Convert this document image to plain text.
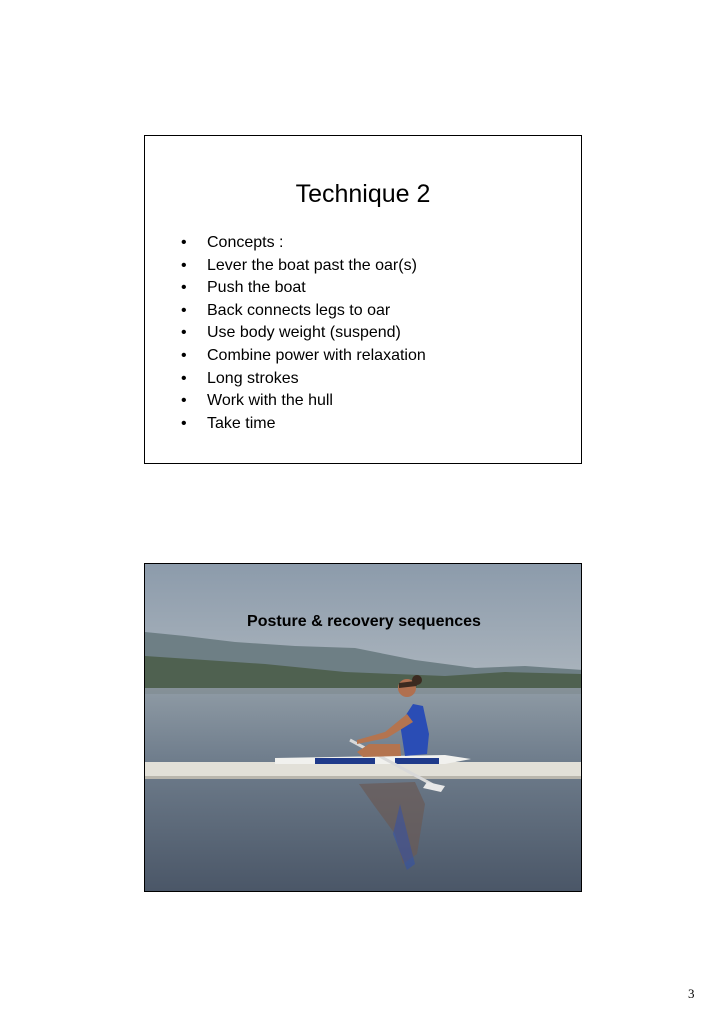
Technique 2
• Concepts :
• Lever the boat past the oar(s)
• Push the boat
• Back connects legs to oar
• Use body weight (suspend)
• Combine power with relaxation
• Long strokes
• Work with the hull
• Take time
Posture & recovery sequences
3
